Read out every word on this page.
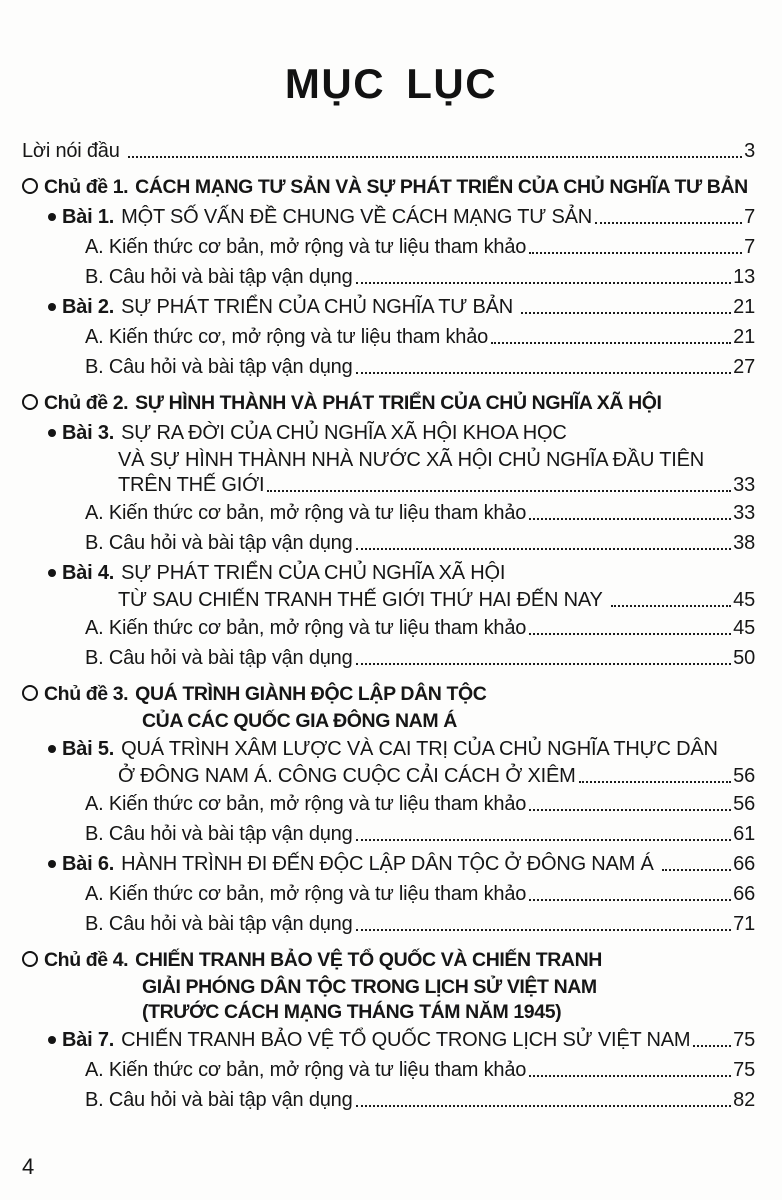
MỤC LỤC
Lời nói đầu	3
Chủ đề 1. CÁCH MẠNG TƯ SẢN VÀ SỰ PHÁT TRIỂN CỦA CHỦ NGHĨA TƯ BẢN
Bài 1. MỘT SỐ VẤN ĐỀ CHUNG VỀ CÁCH MẠNG TƯ SẢN	7
A. Kiến thức cơ bản, mở rộng và tư liệu tham khảo	7
B. Câu hỏi và bài tập vận dụng	13
Bài 2. SỰ PHÁT TRIỂN CỦA CHỦ NGHĨA TƯ BẢN	21
A. Kiến thức cơ, mở rộng và tư liệu tham khảo	21
B. Câu hỏi và bài tập vận dụng	27
Chủ đề 2. SỰ HÌNH THÀNH VÀ PHÁT TRIỂN CỦA CHỦ NGHĨA XÃ HỘI
Bài 3. SỰ RA ĐỜI CỦA CHỦ NGHĨA XÃ HỘI KHOA HỌC
VÀ SỰ HÌNH THÀNH NHÀ NƯỚC XÃ HỘI CHỦ NGHĨA ĐẦU TIÊN
TRÊN THẾ GIỚI	33
A. Kiến thức cơ bản, mở rộng và tư liệu tham khảo	33
B. Câu hỏi và bài tập vận dụng	38
Bài 4. SỰ PHÁT TRIỂN CỦA CHỦ NGHĨA XÃ HỘI
TỪ SAU CHIẾN TRANH THẾ GIỚI THỨ HAI ĐẾN NAY	45
A. Kiến thức cơ bản, mở rộng và tư liệu tham khảo	45
B. Câu hỏi và bài tập vận dụng	50
Chủ đề 3. QUÁ TRÌNH GIÀNH ĐỘC LẬP DÂN TỘC
CỦA CÁC QUỐC GIA ĐÔNG NAM Á
Bài 5. QUÁ TRÌNH XÂM LƯỢC VÀ CAI TRỊ CỦA CHỦ NGHĨA THỰC DÂN
Ở ĐÔNG NAM Á. CÔNG CUỘC CẢI CÁCH Ở XIÊM	56
A. Kiến thức cơ bản, mở rộng và tư liệu tham khảo	56
B. Câu hỏi và bài tập vận dụng	61
Bài 6. HÀNH TRÌNH ĐI ĐẾN ĐỘC LẬP DÂN TỘC Ở ĐÔNG NAM Á	66
A. Kiến thức cơ bản, mở rộng và tư liệu tham khảo	66
B. Câu hỏi và bài tập vận dụng	71
Chủ đề 4. CHIẾN TRANH BẢO VỆ TỔ QUỐC VÀ CHIẾN TRANH
GIẢI PHÓNG DÂN TỘC TRONG LỊCH SỬ VIỆT NAM
(TRƯỚC CÁCH MẠNG THÁNG TÁM NĂM 1945)
Bài 7. CHIẾN TRANH BẢO VỆ TỔ QUỐC TRONG LỊCH SỬ VIỆT NAM 75
A. Kiến thức cơ bản, mở rộng và tư liệu tham khảo	75
B. Câu hỏi và bài tập vận dụng	82
4
